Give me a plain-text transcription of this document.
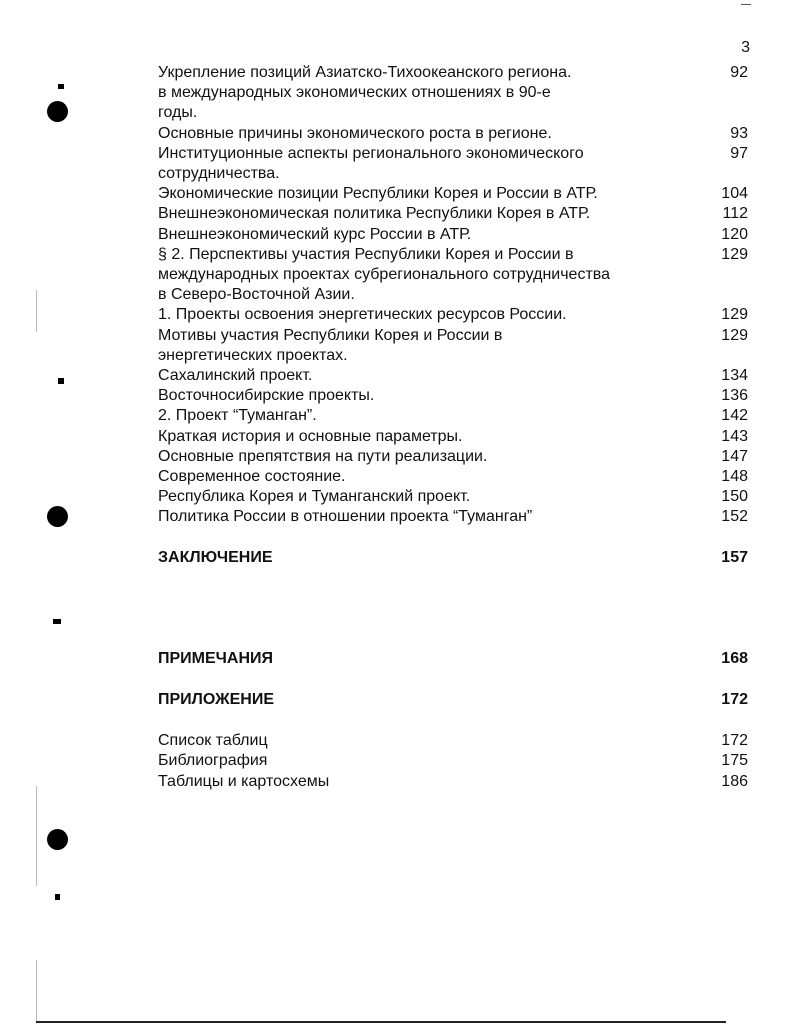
3
Укрепление позиций Азиатско-Тихоокеанского региона.
в международных экономических отношениях в 90-е
годы.
92
Основные причины экономического роста в регионе.	93
Институционные аспекты регионального экономического
сотрудничества.
97
Экономические позиции Республики Корея и России в АТР.	104
Внешнеэкономическая политика Республики Корея в АТР.	112
Внешнеэкономический курс России в АТР.	120
§ 2. Перспективы участия Республики Корея и России в
международных проектах субрегионального сотрудничества
в Северо-Восточной Азии.
129
1. Проекты освоения энергетических ресурсов России.	129
Мотивы участия Республики Корея и России в
энергетических проектах.
129
Сахалинский проект.	134
Восточносибирские проекты.	136
2. Проект “Туманган”.	142
Краткая история и основные параметры.	143
Основные препятствия на пути реализации.	147
Современное состояние.	148
Республика Корея и Туманганский проект.	150
Политика России в отношении проекта “Туманган”	152
ЗАКЛЮЧЕНИЕ	157
ПРИМЕЧАНИЯ	168
ПРИЛОЖЕНИЕ	172
Список таблиц	172
Библиография	175
Таблицы и картосхемы	186
